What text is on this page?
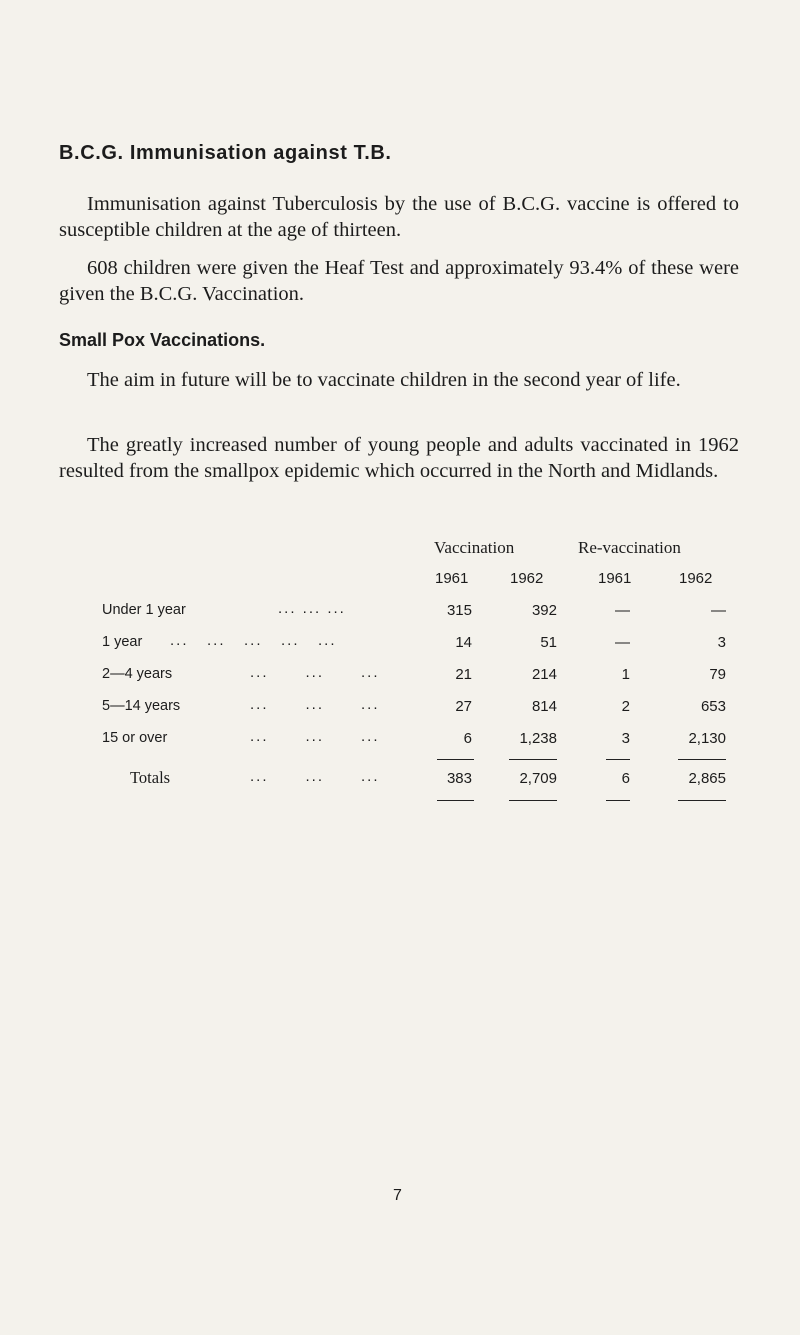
B.C.G. Immunisation against T.B.
Immunisation against Tuberculosis by the use of B.C.G. vaccine is offered to susceptible children at the age of thirteen.
608 children were given the Heaf Test and approximately 93.4% of these were given the B.C.G. Vaccination.
Small Pox Vaccinations.
The aim in future will be to vaccinate children in the second year of life.
The greatly increased number of young people and adults vaccinated in 1962 resulted from the smallpox epidemic which occurred in the North and Midlands.
Vaccination	Re-vaccination
1961	1962	1961	1962
Under 1 year	... ... ...	315	392	—	—
1 year ...   ...   ...   ...   ...	14	51	—	3
2—4 years	...      ...      ...	21	214	1	79
5—14 years	...      ...      ...	27	814	2	653
15 or over	...      ...      ...	6	1,238	3	2,130
Totals	...      ...      ...	383	2,709	6	2,865
7
